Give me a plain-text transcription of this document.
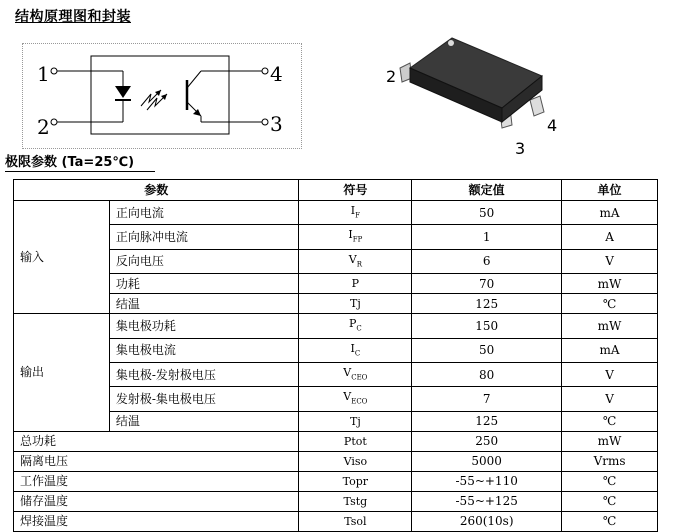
结构原理图和封装
1
2
4
3
2
4
3
极限参数 (Ta=25℃)
参数		符号	额定值	单位
输入	正向电流	$I_F$	50	mA
	正向脉冲电流	$I_{FP}$	1	A
	反向电压	$V_R$	6	V
	功耗	P	70	mW
	结温	Tj	125	℃
输出	集电极功耗	$P_C$	150	mW
	集电极电流	$I_C$	50	mA
	集电极-发射极电压	$V_{CEO}$	80	V
	发射极-集电极电压	$V_{ECO}$	7	V
	结温	Tj	125	℃
总功耗		Ptot	250	mW
隔离电压		Viso	5000	Vrms
工作温度		Topr	-55~+110	℃
储存温度		Tstg	-55~+125	℃
焊接温度		Tsol	260(10s)	℃
